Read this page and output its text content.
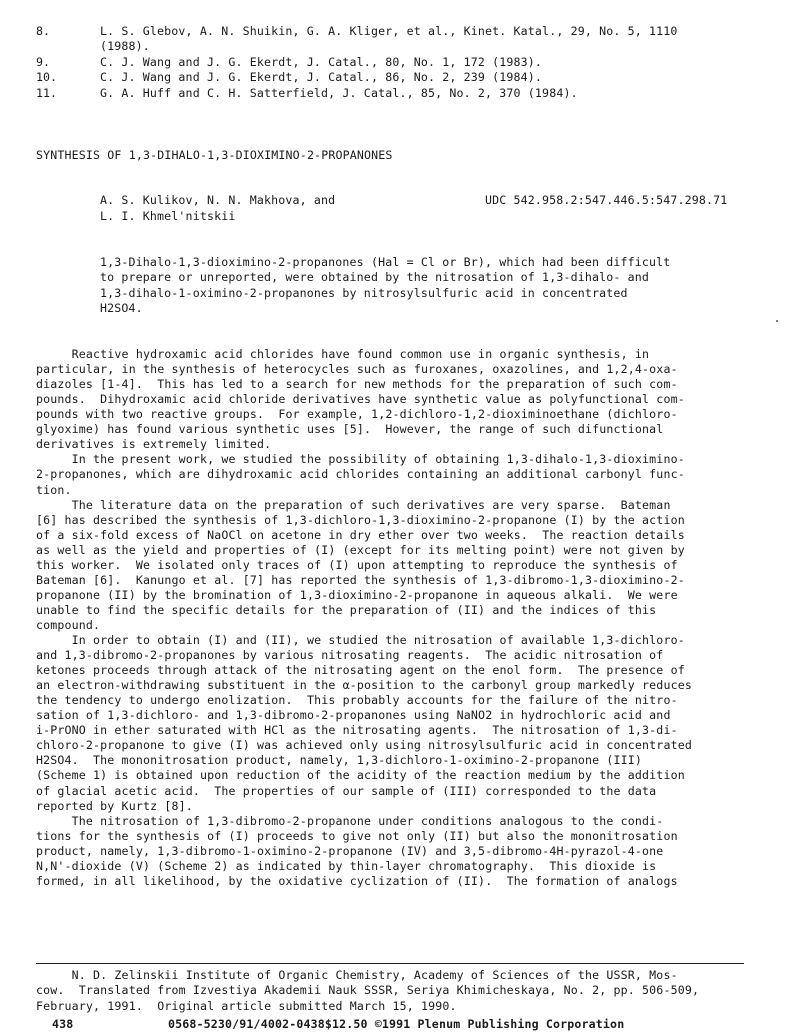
8.	L. S. Glebov, A. N. Shuikin, G. A. Kliger, et al., Kinet. Katal., 29, No. 5, 1110
(1988).
9.	C. J. Wang and J. G. Ekerdt, J. Catal., 80, No. 1, 172 (1983).
10.	C. J. Wang and J. G. Ekerdt, J. Catal., 86, No. 2, 239 (1984).
11.	G. A. Huff and C. H. Satterfield, J. Catal., 85, No. 2, 370 (1984).
SYNTHESIS OF 1,3-DIHALO-1,3-DIOXIMINO-2-PROPANONES
A. S. Kulikov, N. N. Makhova, and
L. I. Khmel'nitskii
UDC 542.958.2:547.446.5:547.298.71
1,3-Dihalo-1,3-dioximino-2-propanones (Hal = Cl or Br), which had been difficult
to prepare or unreported, were obtained by the nitrosation of 1,3-dihalo- and
1,3-dihalo-1-oximino-2-propanones by nitrosylsulfuric acid in concentrated
H2SO4.
Reactive hydroxamic acid chlorides have found common use in organic synthesis, in
particular, in the synthesis of heterocycles such as furoxanes, oxazolines, and 1,2,4-oxa-
diazoles [1-4].  This has led to a search for new methods for the preparation of such com-
pounds.  Dihydroxamic acid chloride derivatives have synthetic value as polyfunctional com-
pounds with two reactive groups.  For example, 1,2-dichloro-1,2-dioximinoethane (dichloro-
glyoxime) has found various synthetic uses [5].  However, the range of such difunctional
derivatives is extremely limited.
In the present work, we studied the possibility of obtaining 1,3-dihalo-1,3-dioximino-
2-propanones, which are dihydroxamic acid chlorides containing an additional carbonyl func-
tion.
The literature data on the preparation of such derivatives are very sparse.  Bateman
[6] has described the synthesis of 1,3-dichloro-1,3-dioximino-2-propanone (I) by the action
of a six-fold excess of NaOCl on acetone in dry ether over two weeks.  The reaction details
as well as the yield and properties of (I) (except for its melting point) were not given by
this worker.  We isolated only traces of (I) upon attempting to reproduce the synthesis of
Bateman [6].  Kanungo et al. [7] has reported the synthesis of 1,3-dibromo-1,3-dioximino-2-
propanone (II) by the bromination of 1,3-dioximino-2-propanone in aqueous alkali.  We were
unable to find the specific details for the preparation of (II) and the indices of this
compound.
In order to obtain (I) and (II), we studied the nitrosation of available 1,3-dichloro-
and 1,3-dibromo-2-propanones by various nitrosating reagents.  The acidic nitrosation of
ketones proceeds through attack of the nitrosating agent on the enol form.  The presence of
an electron-withdrawing substituent in the α-position to the carbonyl group markedly reduces
the tendency to undergo enolization.  This probably accounts for the failure of the nitro-
sation of 1,3-dichloro- and 1,3-dibromo-2-propanones using NaNO2 in hydrochloric acid and
i-PrONO in ether saturated with HCl as the nitrosating agents.  The nitrosation of 1,3-di-
chloro-2-propanone to give (I) was achieved only using nitrosylsulfuric acid in concentrated
H2SO4.  The mononitrosation product, namely, 1,3-dichloro-1-oximino-2-propanone (III)
(Scheme 1) is obtained upon reduction of the acidity of the reaction medium by the addition
of glacial acetic acid.  The properties of our sample of (III) corresponded to the data
reported by Kurtz [8].
The nitrosation of 1,3-dibromo-2-propanone under conditions analogous to the condi-
tions for the synthesis of (I) proceeds to give not only (II) but also the mononitrosation
product, namely, 1,3-dibromo-1-oximino-2-propanone (IV) and 3,5-dibromo-4H-pyrazol-4-one
N,N'-dioxide (V) (Scheme 2) as indicated by thin-layer chromatography.  This dioxide is
formed, in all likelihood, by the oxidative cyclization of (II).  The formation of analogs
N. D. Zelinskii Institute of Organic Chemistry, Academy of Sciences of the USSR, Mos-
cow.  Translated from Izvestiya Akademii Nauk SSSR, Seriya Khimicheskaya, No. 2, pp. 506-509,
February, 1991.  Original article submitted March 15, 1990.
438	0568-5230/91/4002-0438$12.50 ©1991 Plenum Publishing Corporation
